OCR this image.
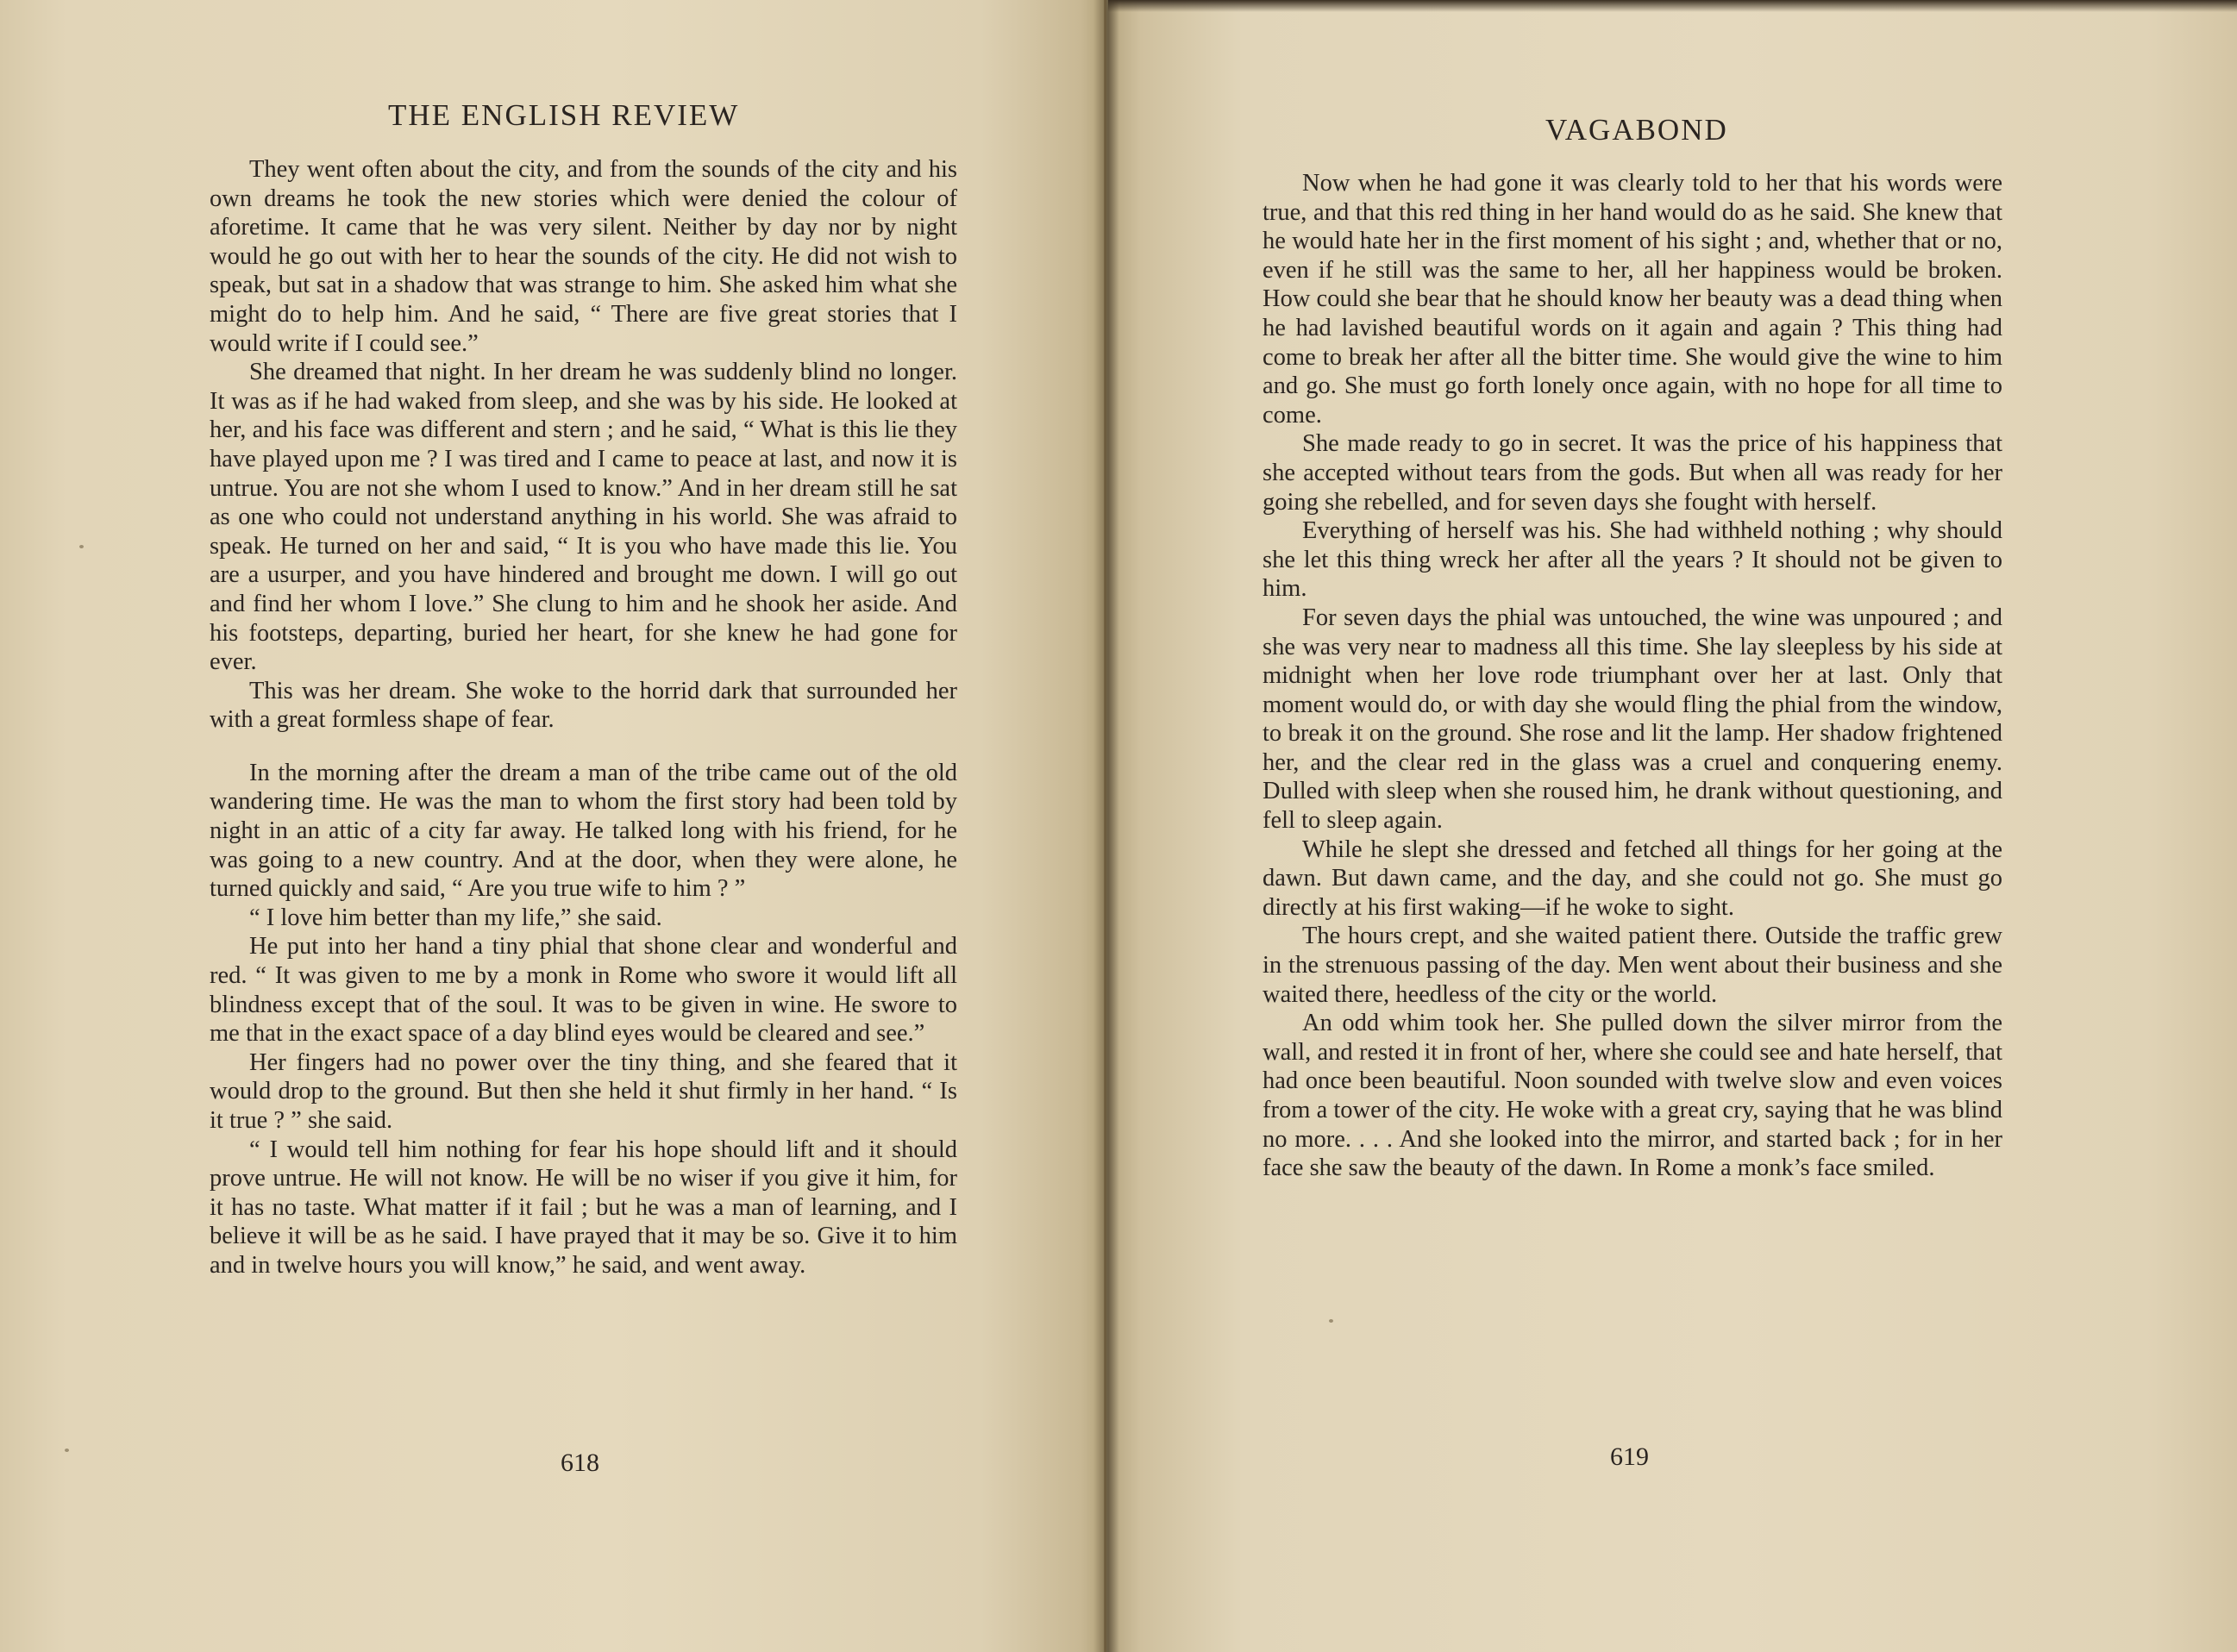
THE ENGLISH REVIEW

They went often about the city, and from the sounds of the city and his own dreams he took the new stories which were denied the colour of aforetime. It came that he was very silent. Neither by day nor by night would he go out with her to hear the sounds of the city. He did not wish to speak, but sat in a shadow that was strange to him. She asked him what she might do to help him. And he said, “ There are five great stories that I would write if I could see.”

She dreamed that night. In her dream he was suddenly blind no longer. It was as if he had waked from sleep, and she was by his side. He looked at her, and his face was different and stern ; and he said, “ What is this lie they have played upon me ? I was tired and I came to peace at last, and now it is untrue. You are not she whom I used to know.” And in her dream still he sat as one who could not understand anything in his world. She was afraid to speak. He turned on her and said, “ It is you who have made this lie. You are a usurper, and you have hindered and brought me down. I will go out and find her whom I love.” She clung to him and he shook her aside. And his footsteps, departing, buried her heart, for she knew he had gone for ever.

This was her dream. She woke to the horrid dark that surrounded her with a great formless shape of fear.

In the morning after the dream a man of the tribe came out of the old wandering time. He was the man to whom the first story had been told by night in an attic of a city far away. He talked long with his friend, for he was going to a new country. And at the door, when they were alone, he turned quickly and said, “ Are you true wife to him ? ”

“ I love him better than my life,” she said.

He put into her hand a tiny phial that shone clear and wonderful and red. “ It was given to me by a monk in Rome who swore it would lift all blindness except that of the soul. It was to be given in wine. He swore to me that in the exact space of a day blind eyes would be cleared and see.”

Her fingers had no power over the tiny thing, and she feared that it would drop to the ground. But then she held it shut firmly in her hand. “ Is it true ? ” she said.

“ I would tell him nothing for fear his hope should lift and it should prove untrue. He will not know. He will be no wiser if you give it him, for it has no taste. What matter if it fail ; but he was a man of learning, and I believe it will be as he said. I have prayed that it may be so. Give it to him and in twelve hours you will know,” he said, and went away.

618

VAGABOND

Now when he had gone it was clearly told to her that his words were true, and that this red thing in her hand would do as he said. She knew that he would hate her in the first moment of his sight ; and, whether that or no, even if he still was the same to her, all her happiness would be broken. How could she bear that he should know her beauty was a dead thing when he had lavished beautiful words on it again and again ? This thing had come to break her after all the bitter time. She would give the wine to him and go. She must go forth lonely once again, with no hope for all time to come.

She made ready to go in secret. It was the price of his happiness that she accepted without tears from the gods. But when all was ready for her going she rebelled, and for seven days she fought with herself.

Everything of herself was his. She had withheld nothing ; why should she let this thing wreck her after all the years ? It should not be given to him.

For seven days the phial was untouched, the wine was unpoured ; and she was very near to madness all this time. She lay sleepless by his side at midnight when her love rode triumphant over her at last. Only that moment would do, or with day she would fling the phial from the window, to break it on the ground. She rose and lit the lamp. Her shadow frightened her, and the clear red in the glass was a cruel and conquering enemy. Dulled with sleep when she roused him, he drank without questioning, and fell to sleep again.

While he slept she dressed and fetched all things for her going at the dawn. But dawn came, and the day, and she could not go. She must go directly at his first waking—if he woke to sight.

The hours crept, and she waited patient there. Outside the traffic grew in the strenuous passing of the day. Men went about their business and she waited there, heedless of the city or the world.

An odd whim took her. She pulled down the silver mirror from the wall, and rested it in front of her, where she could see and hate herself, that had once been beautiful. Noon sounded with twelve slow and even voices from a tower of the city. He woke with a great cry, saying that he was blind no more. . . . And she looked into the mirror, and started back ; for in her face she saw the beauty of the dawn. In Rome a monk’s face smiled.

619
